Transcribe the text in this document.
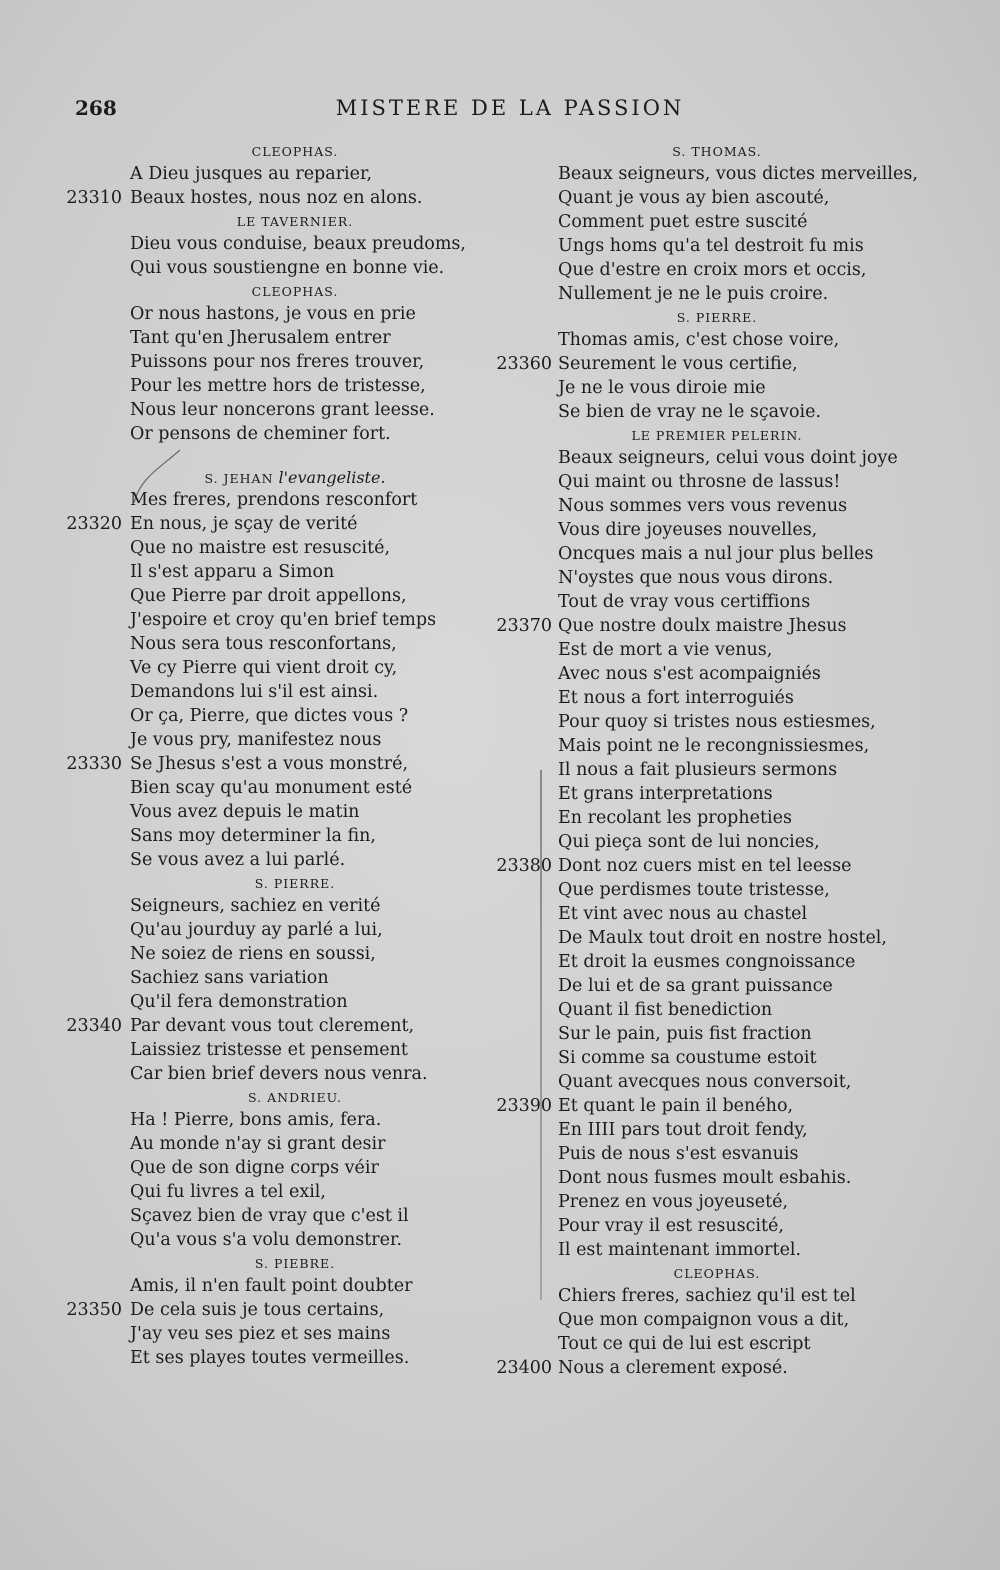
268	MISTERE DE LA PASSION
CLEOPHAS.
A Dieu jusques au reparier,
23310 Beaux hostes, nous noz en alons.
LE TAVERNIER.
Dieu vous conduise, beaux preudoms,
Qui vous soustiengne en bonne vie.
CLEOPHAS.
Or nous hastons, je vous en prie
Tant qu'en Jherusalem entrer
Puissons pour nos freres trouver,
Pour les mettre hors de tristesse,
Nous leur noncerons grant leesse.
Or pensons de cheminer fort.
S. JEHAN l'evangeliste.
Mes freres, prendons resconfort
23320 En nous, je sçay de verité
Que no maistre est resuscité,
Il s'est apparu a Simon
Que Pierre par droit appellons,
J'espoire et croy qu'en brief temps
Nous sera tous resconfortans,
Ve cy Pierre qui vient droit cy,
Demandons lui s'il est ainsi.
Or ça, Pierre, que dictes vous ?
Je vous pry, manifestez nous
23330 Se Jhesus s'est a vous monstré,
Bien scay qu'au monument esté
Vous avez depuis le matin
Sans moy determiner la fin,
Se vous avez a lui parlé.
S. PIERRE.
Seigneurs, sachiez en verité
Qu'au jourduy ay parlé a lui,
Ne soiez de riens en soussi,
Sachiez sans variation
Qu'il fera demonstration
23340 Par devant vous tout clerement,
Laissiez tristesse et pensement
Car bien brief devers nous venra.
S. ANDRIEU.
Ha ! Pierre, bons amis, fera.
Au monde n'ay si grant desir
Que de son digne corps véir
Qui fu livres a tel exil,
Sçavez bien de vray que c'est il
Qu'a vous s'a volu demonstrer.
S. PIEBRE.
Amis, il n'en fault point doubter
23350 De cela suis je tous certains,
J'ay veu ses piez et ses mains
Et ses playes toutes vermeilles.
S. THOMAS.
Beaux seigneurs, vous dictes merveilles,
Quant je vous ay bien ascouté,
Comment puet estre suscité
Ungs homs qu'a tel destroit fu mis
Que d'estre en croix mors et occis,
Nullement je ne le puis croire.
S. PIERRE.
Thomas amis, c'est chose voire,
23360 Seurement le vous certifie,
Je ne le vous diroie mie
Se bien de vray ne le sçavoie.
LE PREMIER PELERIN.
Beaux seigneurs, celui vous doint joye
Qui maint ou throsne de lassus!
Nous sommes vers vous revenus
Vous dire joyeuses nouvelles,
Oncques mais a nul jour plus belles
N'oystes que nous vous dirons.
Tout de vray vous certiffions
23370 Que nostre doulx maistre Jhesus
Est de mort a vie venus,
Avec nous s'est acompaigniés
Et nous a fort interroguiés
Pour quoy si tristes nous estiesmes,
Mais point ne le recongnissiesmes,
Il nous a fait plusieurs sermons
Et grans interpretations
En recolant les propheties
Qui pieça sont de lui noncies,
23380 Dont noz cuers mist en tel leesse
Que perdismes toute tristesse,
Et vint avec nous au chastel
De Maulx tout droit en nostre hostel,
Et droit la eusmes congnoissance
De lui et de sa grant puissance
Quant il fist benediction
Sur le pain, puis fist fraction
Si comme sa coustume estoit
Quant avecques nous conversoit,
23390 Et quant le pain il beného,
En IIII pars tout droit fendy,
Puis de nous s'est esvanuis
Dont nous fusmes moult esbahis.
Prenez en vous joyeuseté,
Pour vray il est resuscité,
Il est maintenant immortel.
CLEOPHAS.
Chiers freres, sachiez qu'il est tel
Que mon compaignon vous a dit,
Tout ce qui de lui est escript
23400 Nous a clerement exposé.
